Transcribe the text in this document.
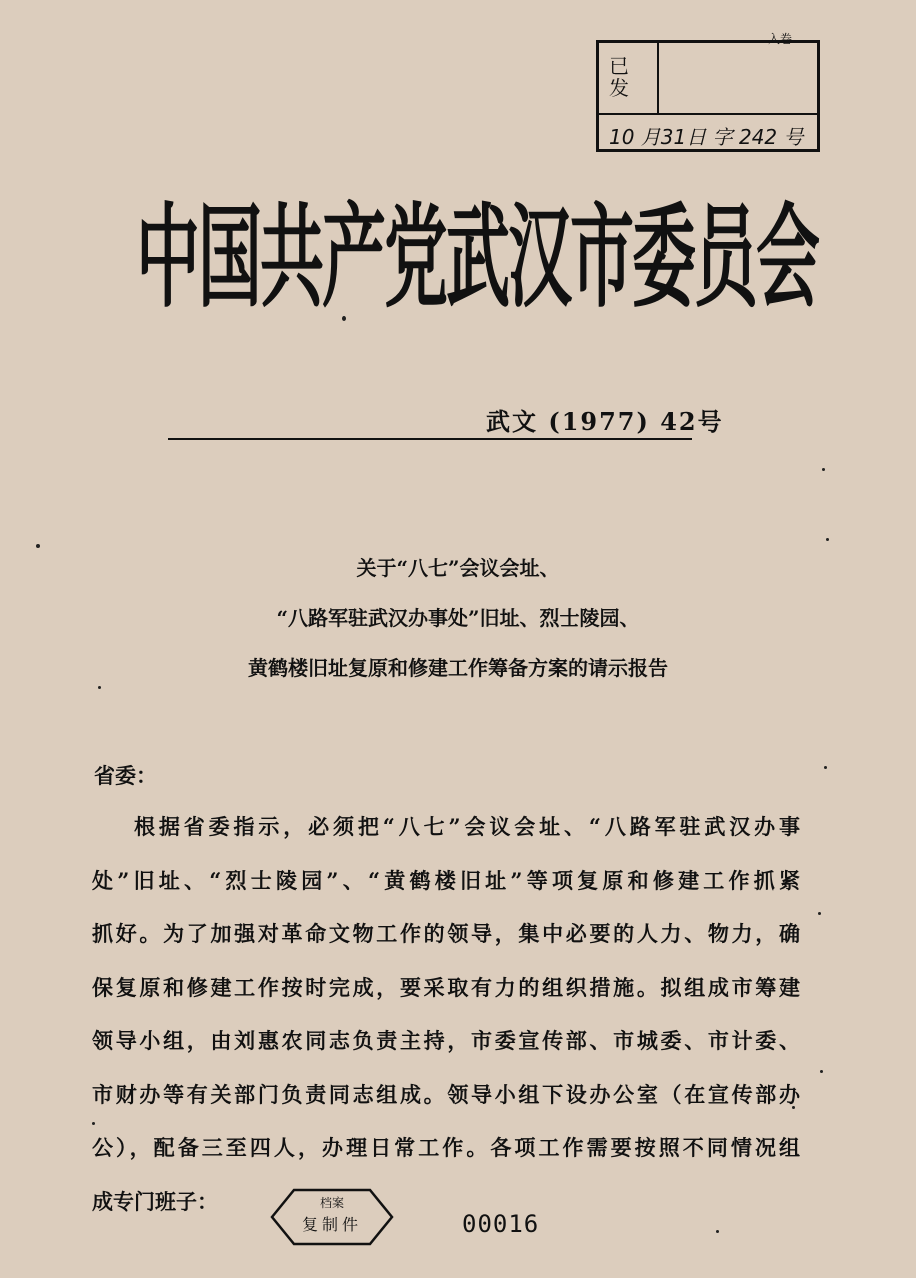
入卷
已发
10 月31日 字 242 号
中国共产党武汉市委员会
武文 (1977) 42号
关于“八七”会议会址、
“八路军驻武汉办事处”旧址、烈士陵园、
黄鹤楼旧址复原和修建工作筹备方案的请示报告
省委：
根据省委指示，必须把“八七”会议会址、“八路军驻武汉办事
处”旧址、“烈士陵园”、“黄鹤楼旧址”等项复原和修建工作抓紧
抓好。为了加强对革命文物工作的领导，集中必要的人力、物力，确
保复原和修建工作按时完成，要采取有力的组织措施。拟组成市筹建
领导小组，由刘惠农同志负责主持，市委宣传部、市城委、市计委、
市财办等有关部门负责同志组成。领导小组下设办公室（在宣传部办
公），配备三至四人，办理日常工作。各项工作需要按照不同情况组
成专门班子：	档案
复制件	00016
